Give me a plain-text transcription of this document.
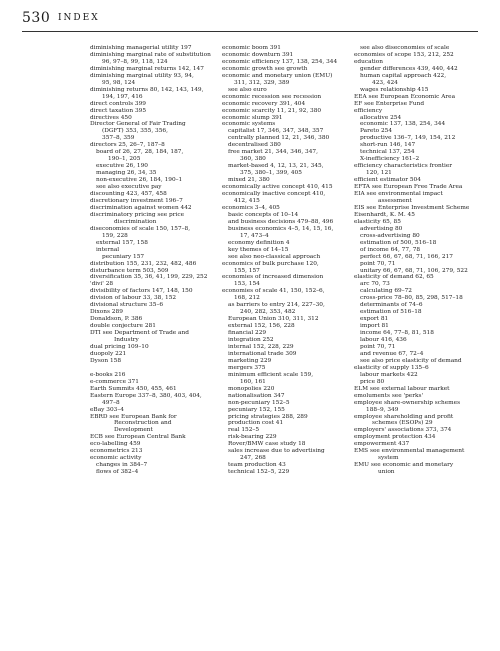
530 INDEX
diminishing managerial utility 197
diminishing marginal rate of substitution
96, 97–8, 99, 118, 124
diminishing marginal returns 142, 147
diminishing marginal utility 93, 94,
95, 98, 124
diminishing returns 80, 142, 143, 149,
194, 197, 416
direct controls 399
direct taxation 395
directives 450
Director General of Fair Trading
(DGFT) 353, 355, 356,
357–8, 359
directors 25, 26–7, 187–8
board of 26, 27, 28, 184, 187,
190–1, 205
executive 26, 190
managing 26, 34, 35
non-executive 26, 184, 190–1
see also executive pay
discounting 423, 457, 458
discretionary investment 196–7
discrimination against women 442
discriminatory pricing see price
discrimination
diseconomies of scale 150, 157–8,
159, 228
external 157, 158
internal
pecuniary 157
distribution 155, 231, 232, 482, 486
disturbance term 503, 509
diversification 35, 36, 41, 199, 229, 252
'divi' 28
divisibility of factors 147, 148, 150
division of labour 33, 38, 152
divisional structure 35–6
Dixons 289
Donaldson, P. 386
double conjecture 281
DTI see Department of Trade and
Industry
dual pricing 109–10
duopoly 221
Dyson 158
e-books 216
e-commerce 371
Earth Summits 450, 455, 461
Eastern Europe 337–8, 380, 403, 404,
497–8
eBay 303–4
EBRD see European Bank for
Reconstruction and
Development
ECB see European Central Bank
eco-labelling 459
econometrics 213
economic activity
changes in 384–7
flows of 382–4
economic boom 391
economic downturn 391
economic efficiency 137, 138, 254, 344
economic growth see growth
economic and monetary union (EMU)
311, 312, 329, 389
see also euro
economic recession see recession
economic recovery 391, 404
economic scarcity 11, 21, 92, 380
economic slump 391
economic systems
capitalist 17, 346, 347, 348, 357
centrally planned 12, 21, 346, 380
decentralised 380
free market 21, 344, 346, 347,
360, 380
market-based 4, 12, 13, 21, 345,
375, 380–1, 399, 405
mixed 21, 380
economically active concept 410, 415
economically inactive concept 410,
412, 415
economics 3–4, 405
basic concepts of 10–14
and business decisions 479–88, 496
business economics 4–5, 14, 15, 16,
17, 473–4
economy definition 4
key themes of 14–15
see also neo-classical approach
economics of bulk purchase 120,
155, 157
economies of increased dimension
153, 154
economies of scale 41, 150, 152–6,
168, 212
as barriers to entry 214, 227–30,
240, 282, 353, 482
European Union 310, 311, 312
external 152, 156, 228
financial 229
integration 252
internal 152, 228, 229
international trade 309
marketing 229
mergers 375
minimum efficient scale 159,
160, 161
monopolies 220
nationalisation 347
non-pecuniary 152–5
pecuniary 152, 155
pricing strategies 288, 289
production cost 41
real 152–5
risk-bearing 229
Rover/BMW case study 18
sales increase due to advertising
247, 268
team production 43
technical 152–5, 229
see also diseconomies of scale
economies of scope 153, 212, 252
education
gender differences 439, 440, 442
human capital approach 422,
423, 424
wages relationship 415
EEA see European Economic Area
EF see Enterprise Fund
efficiency
allocative 254
economic 137, 138, 254, 344
Pareto 254
productive 136–7, 149, 154, 212
short-run 146, 147
technical 137, 254
X-inefficiency 161–2
efficiency characteristics frontier
120, 121
efficient estimator 504
EFTA see European Free Trade Area
EIA see environmental impact
assessment
EIS see Enterprise Investment Scheme
Eisenhardt, K. M. 45
elasticity 65, 85
advertising 80
cross-advertising 80
estimation of 500, 516–18
of income 64, 77, 78
perfect 66, 67, 68, 71, 166, 217
point 70, 71
unitary 66, 67, 68, 71, 106, 279, 522
elasticity of demand 62, 65
arc 70, 73
calculating 69–72
cross-price 78–80, 85, 298, 517–18
determinants of 74–6
estimation of 516–18
export 81
import 81
income 64, 77–8, 81, 518
labour 416, 436
point 70, 71
and revenue 67, 72–4
see also price elasticity of demand
elasticity of supply 135–6
labour markets 422
price 80
ELM see external labour market
emoluments see 'perks'
employee share-ownership schemes
188–9, 349
employee shareholding and profit
schemes (ESOPs) 29
employers' associations 373, 374
employment protection 434
empowerment 437
EMS see environmental management
system
EMU see economic and monetary
union
